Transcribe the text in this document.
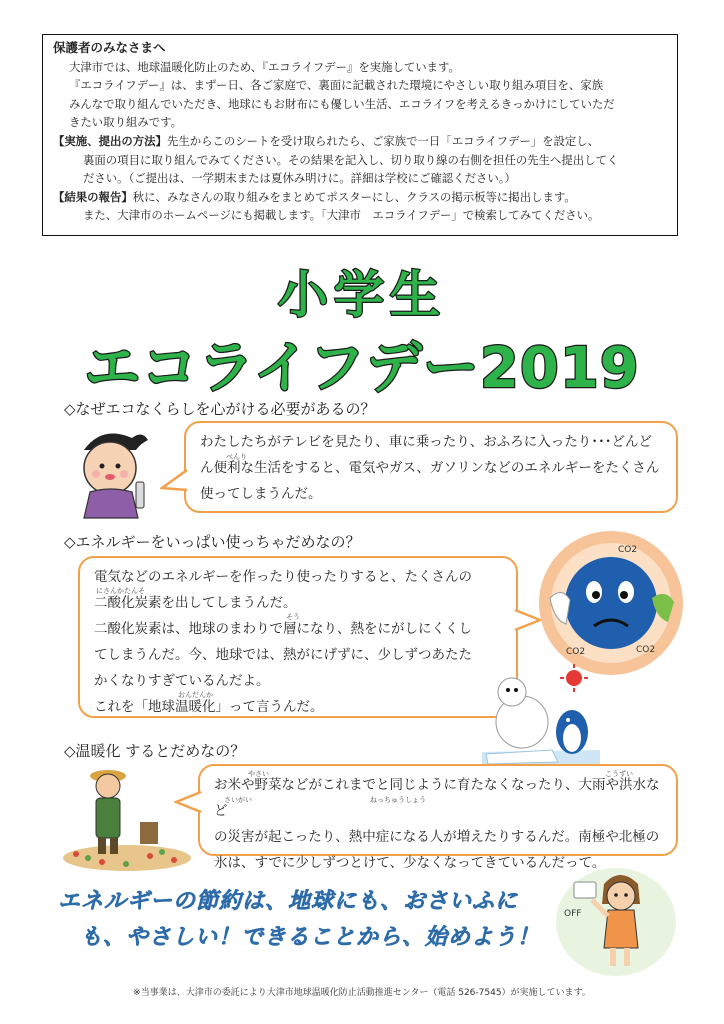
保護者のみなさまへ

大津市では、地球温暖化防止のため、『エコライフデー』を実施しています。

『エコライフデー』は、まずー日、各ご家庭で、裏面に記載された環境にやさしい取り組み項目を、家族

みんなで取り組んでいただき、地球にもお財布にも優しい生活、エコライフを考えるきっかけにしていただ

きたい取り組みです。

【実施、提出の方法】先生からこのシートを受け取られたら、ご家族で一日「エコライフデー」を設定し、

裏面の項目に取り組んでみてください。その結果を記入し、切り取り線の右側を担任の先生へ提出してく

ださい。（ご提出は、一学期末または夏休み明けに。詳細は学校にご確認ください。）

【結果の報告】秋に、みなさんの取り組みをまとめてポスターにし、クラスの掲示板等に掲出します。

また、大津市のホームページにも掲載します。「大津市　エコライフデー」で検索してみてください。

小学生
エコライフデー2019
◇なぜエコなくらしを心がける必要があるの？

わたしたちがテレビを見たり、車に乗ったり、おふろに入ったり･･･どんど

ん便利な生活をすると、電気やガス、ガソリンなどのエネルギーをたくさん

使ってしまうんだ。

べんり
◇エネルギーをいっぱい使っちゃだめなの？

電気などのエネルギーを作ったり使ったりすると、たくさんの

二酸化炭素を出してしまうんだ。

二酸化炭素は、地球のまわりで層になり、熱をにがしにくくし

てしまうんだ。今、地球では、熱がにげずに、少しずつあたた

かくなりすぎているんだよ。

これを「地球温暖化」って言うんだ。

にさんかたんそ
そう
おんだんか
CO2
CO2	CO2
◇温暖化 するとだめなの？

お米や野菜などがこれまでと同じように育たなくなったり、大雨や洪水など

の災害が起こったり、熱中症になる人が増えたりするんだ。南極や北極の

氷は、すでに少しずつとけて、少なくなってきているんだって。

やさい	こうずい
さいがい	ねっちゅうしょう
エネルギーの節約は、地球にも、おさいふに
も、やさしい！できることから、始めよう！
OFF
※当事業は、大津市の委託により大津市地球温暖化防止活動推進センター（電話 526-7545）が実施しています。
